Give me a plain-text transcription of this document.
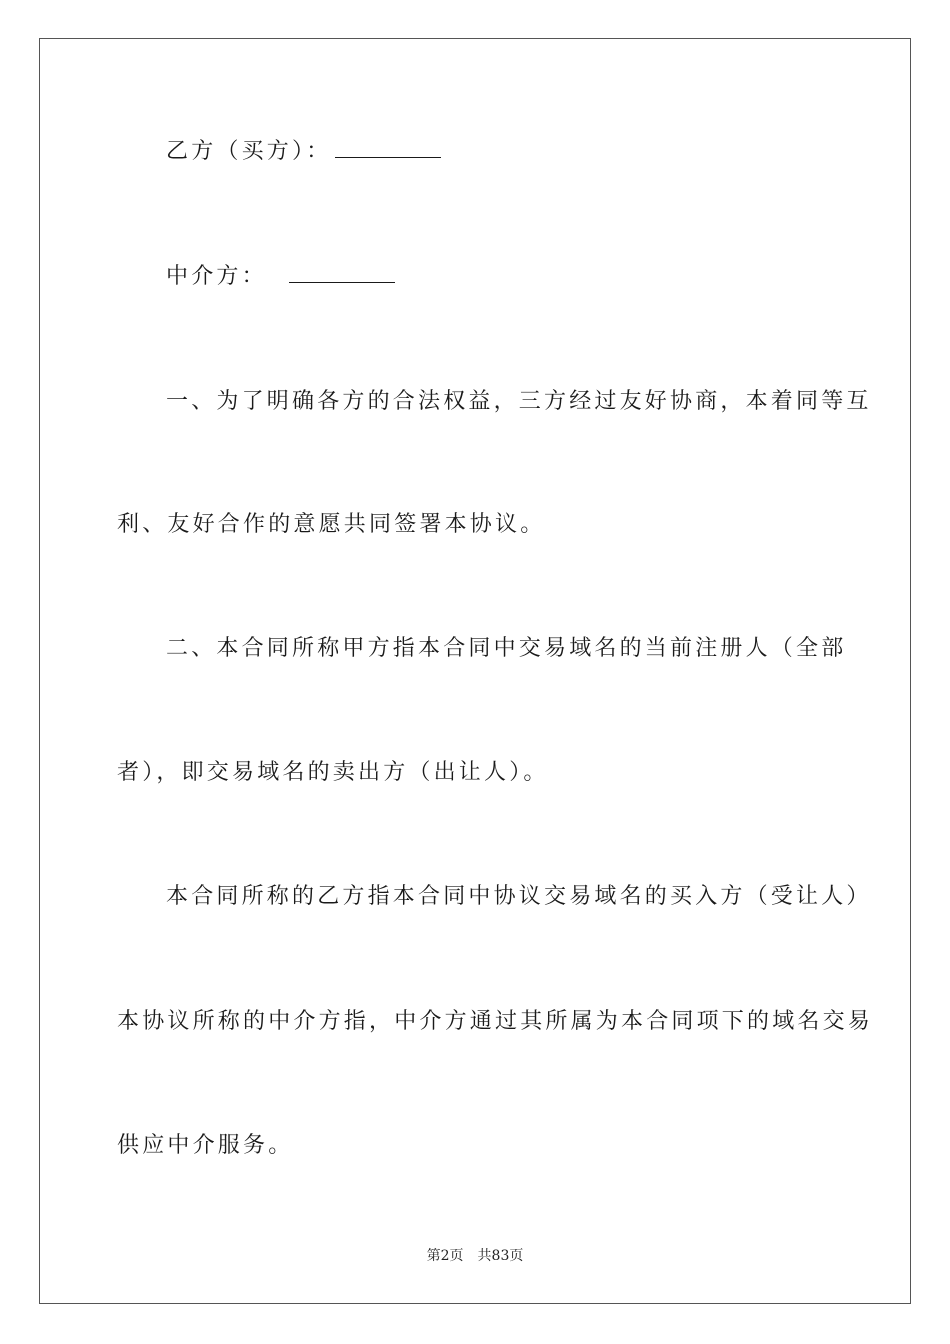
乙方（买方）：
中介方：
一、为了明确各方的合法权益，三方经过友好协商，本着同等互
利、友好合作的意愿共同签署本协议。
二、本合同所称甲方指本合同中交易域名的当前注册人（全部
者），即交易域名的卖出方（出让人）。
本合同所称的乙方指本合同中协议交易域名的买入方（受让人）
本协议所称的中介方指，中介方通过其所属为本合同项下的域名交易
供应中介服务。
第2页 共83页
